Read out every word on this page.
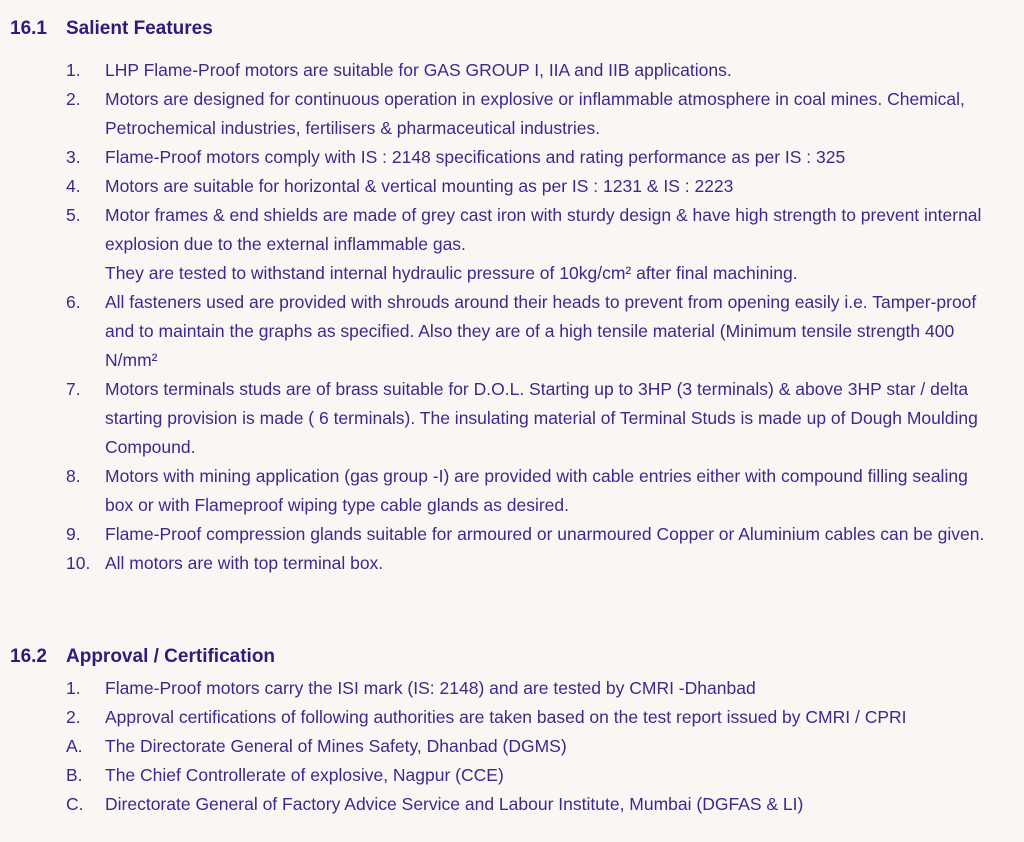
16.1	Salient Features
1.	LHP Flame-Proof motors are suitable for GAS GROUP I, IIA and IIB applications.
2.	Motors are designed for continuous operation in explosive or inflammable atmosphere in coal mines. Chemical,
Petrochemical industries, fertilisers & pharmaceutical industries.
3.	Flame-Proof motors comply with IS : 2148 specifications and rating performance as per IS : 325
4.	Motors are suitable for horizontal & vertical mounting as per IS : 1231 & IS : 2223
5.	Motor frames & end shields are made of grey cast iron with sturdy design & have high strength to prevent internal
explosion due to the external inflammable gas.
They are tested to withstand internal hydraulic pressure of 10kg/cm² after final machining.
6.	All fasteners used are provided with shrouds around their heads to prevent from opening easily i.e. Tamper-proof
and to maintain the graphs as specified. Also they are of a high tensile material (Minimum tensile strength 400
N/mm²
7.	Motors terminals studs are of brass suitable for D.O.L. Starting up to 3HP (3 terminals) & above 3HP star / delta
starting provision is made ( 6 terminals). The insulating material of Terminal Studs is made up of Dough Moulding
Compound.
8.	Motors with mining application (gas group -I) are provided with cable entries either with compound filling sealing
box or with Flameproof wiping type cable glands as desired.
9.	Flame-Proof compression glands suitable for armoured or unarmoured Copper or Aluminium cables can be given.
10. All motors are with top terminal box.
16.2	Approval / Certification
1.	Flame-Proof motors carry the ISI mark (IS: 2148) and are tested by CMRI -Dhanbad
2.	Approval certifications of following authorities are taken based on the test report issued by CMRI / CPRI
A.	The Directorate General of Mines Safety, Dhanbad (DGMS)
B.	The Chief Controllerate of explosive, Nagpur (CCE)
C.	Directorate General of Factory Advice Service and Labour Institute, Mumbai (DGFAS & LI)
